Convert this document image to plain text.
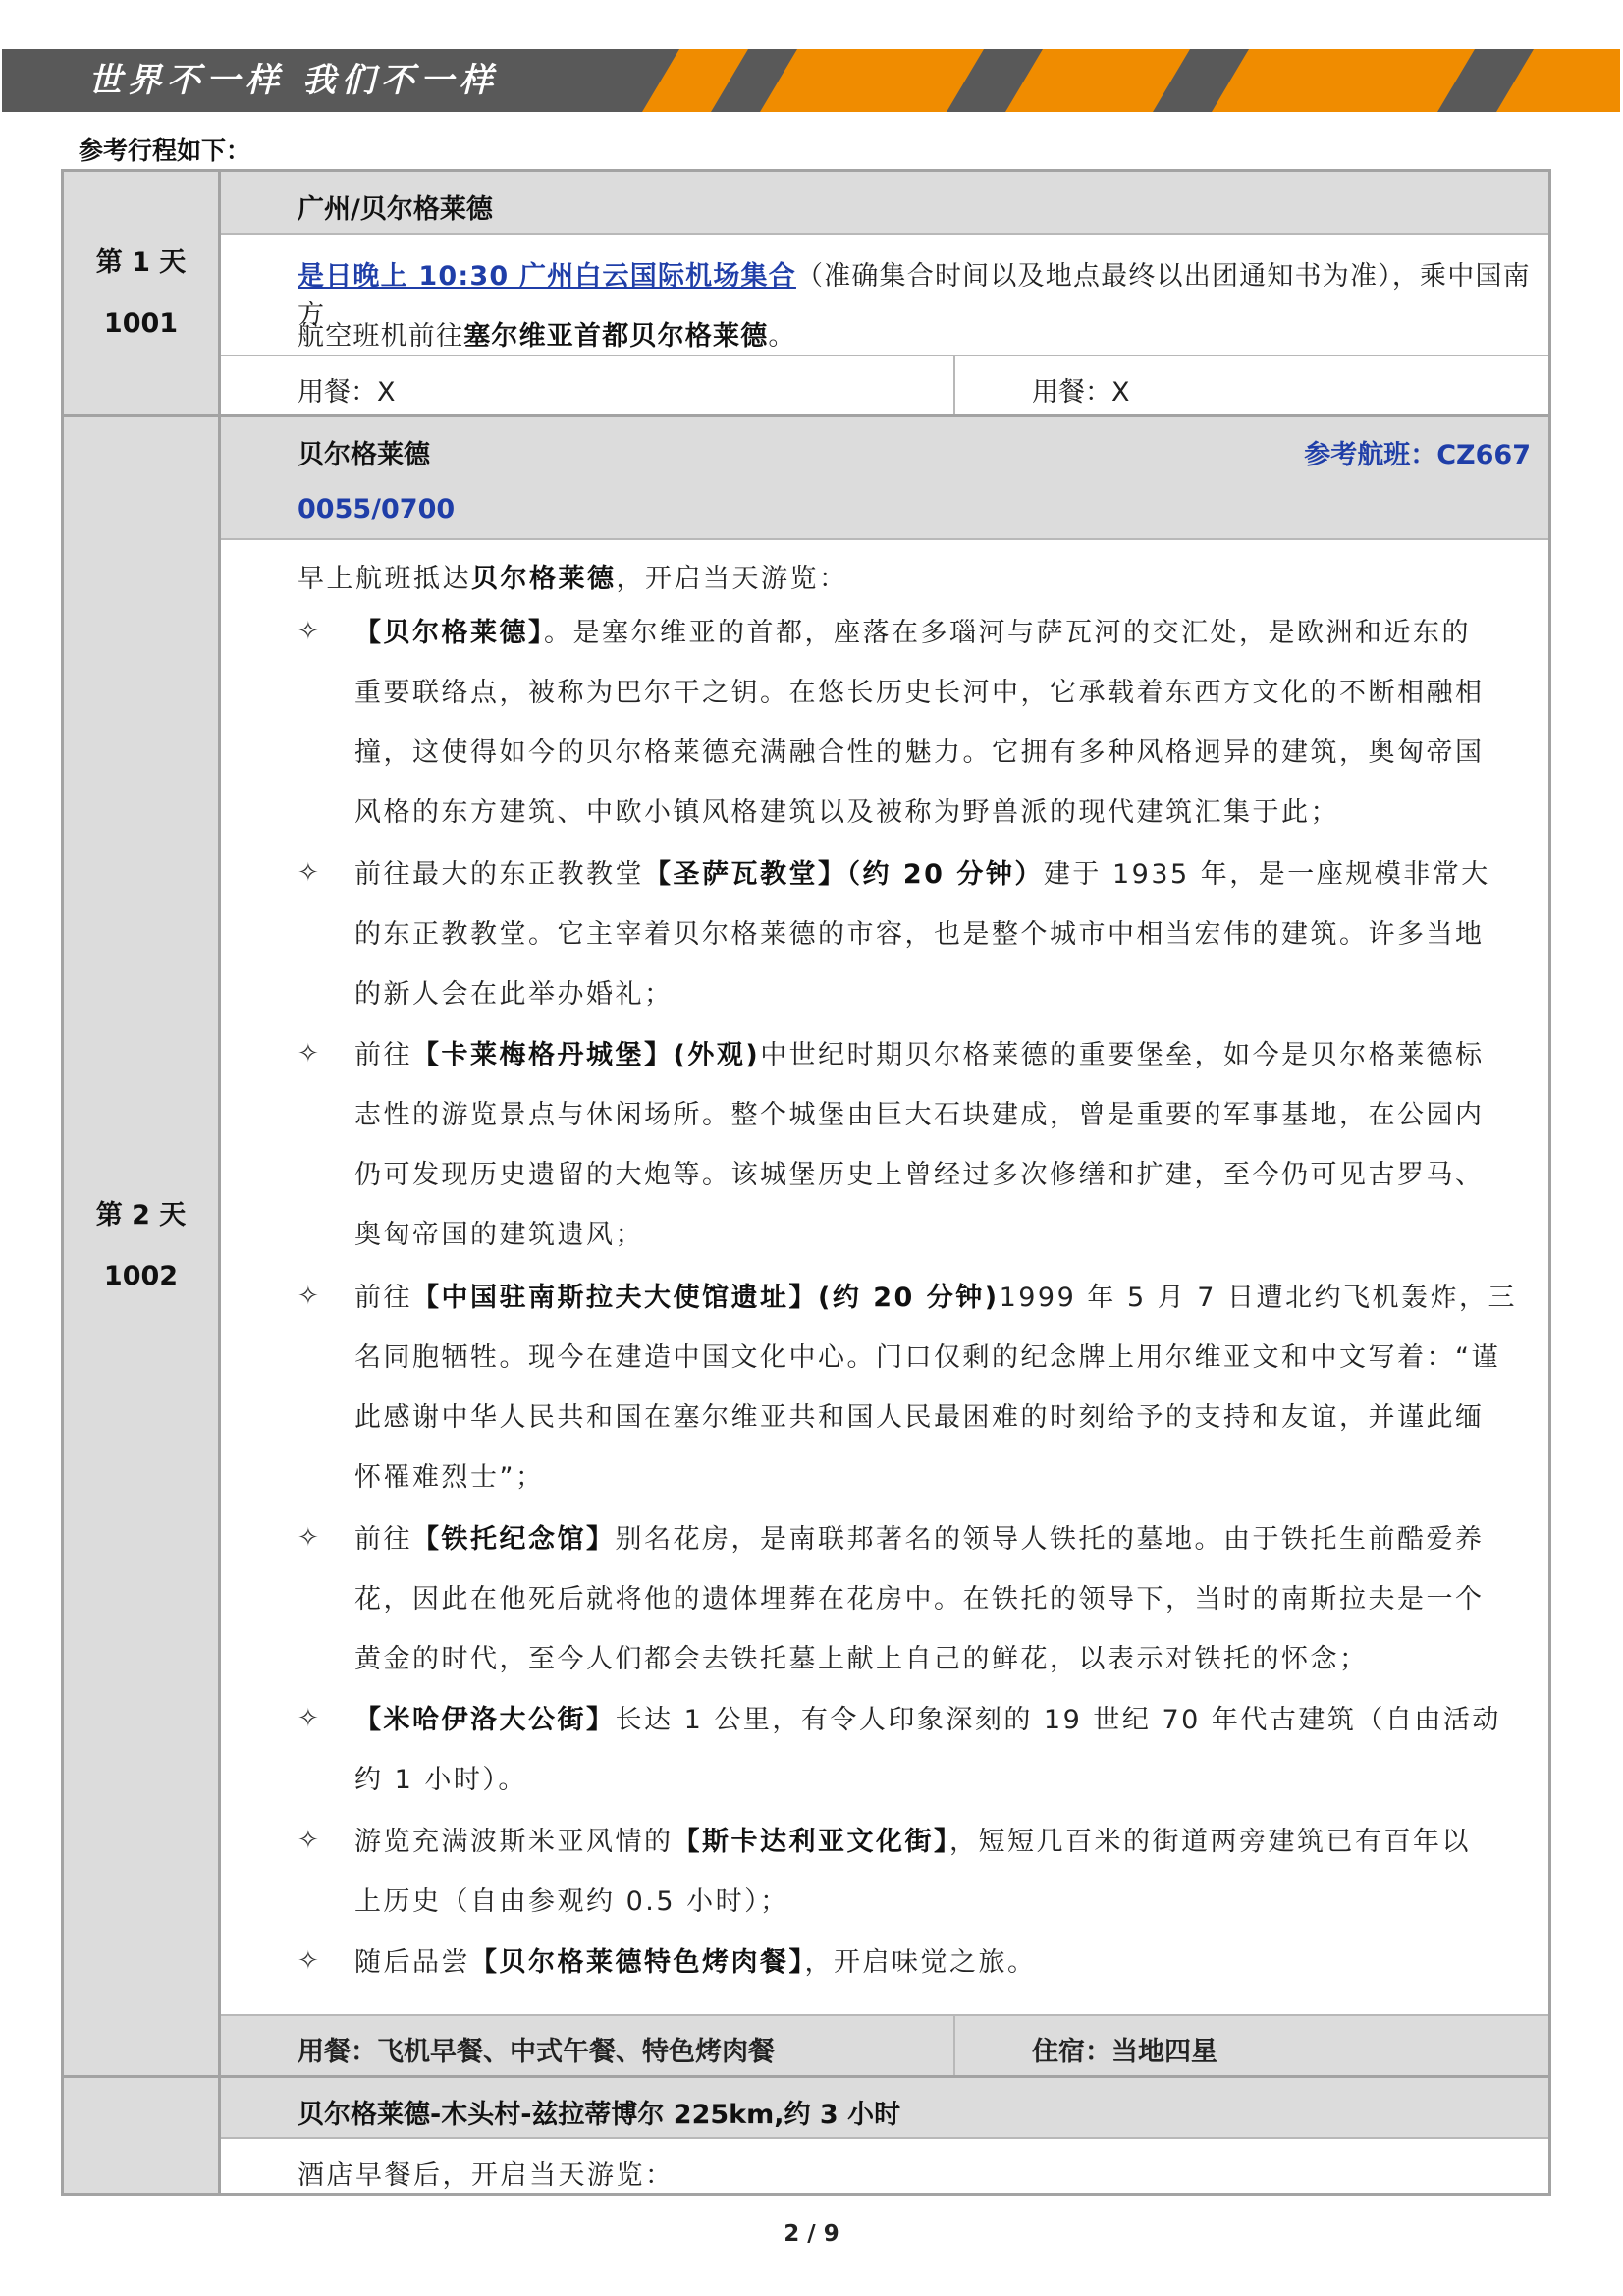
世界不一样 我们不一样
参考行程如下：
第 1 天
1001
广州/贝尔格莱德
是日晚上 10:30 广州白云国际机场集合（准确集合时间以及地点最终以出团通知书为准），乘中国南方
航空班机前往塞尔维亚首都贝尔格莱德。
用餐：X	用餐：X
第 2 天
1002
贝尔格莱德	参考航班：CZ667
0055/0700
早上航班抵达贝尔格莱德，开启当天游览：
✧ 【贝尔格莱德】。是塞尔维亚的首都，座落在多瑙河与萨瓦河的交汇处，是欧洲和近东的
重要联络点，被称为巴尔干之钥。在悠长历史长河中，它承载着东西方文化的不断相融相
撞，这使得如今的贝尔格莱德充满融合性的魅力。它拥有多种风格迥异的建筑，奥匈帝国
风格的东方建筑、中欧小镇风格建筑以及被称为野兽派的现代建筑汇集于此；
✧ 前往最大的东正教教堂【圣萨瓦教堂】（约 20 分钟）建于 1935 年，是一座规模非常大
的东正教教堂。它主宰着贝尔格莱德的市容，也是整个城市中相当宏伟的建筑。许多当地
的新人会在此举办婚礼；
✧ 前往【卡莱梅格丹城堡】(外观)中世纪时期贝尔格莱德的重要堡垒，如今是贝尔格莱德标
志性的游览景点与休闲场所。整个城堡由巨大石块建成，曾是重要的军事基地，在公园内
仍可发现历史遗留的大炮等。该城堡历史上曾经过多次修缮和扩建，至今仍可见古罗马、
奥匈帝国的建筑遗风；
✧ 前往【中国驻南斯拉夫大使馆遗址】(约 20 分钟)1999 年 5 月 7 日遭北约飞机轰炸，三
名同胞牺牲。现今在建造中国文化中心。门口仅剩的纪念牌上用尔维亚文和中文写着：“谨
此感谢中华人民共和国在塞尔维亚共和国人民最困难的时刻给予的支持和友谊，并谨此缅
怀罹难烈士”；
✧ 前往【铁托纪念馆】别名花房，是南联邦著名的领导人铁托的墓地。由于铁托生前酷爱养
花，因此在他死后就将他的遗体埋葬在花房中。在铁托的领导下，当时的南斯拉夫是一个
黄金的时代，至今人们都会去铁托墓上献上自己的鲜花，以表示对铁托的怀念；
✧ 【米哈伊洛大公街】长达 1 公里，有令人印象深刻的 19 世纪 70 年代古建筑（自由活动
约 1 小时）。
✧ 游览充满波斯米亚风情的【斯卡达利亚文化街】，短短几百米的街道两旁建筑已有百年以
上历史（自由参观约 0.5 小时）；
✧ 随后品尝【贝尔格莱德特色烤肉餐】，开启味觉之旅。
用餐：飞机早餐、中式午餐、特色烤肉餐	住宿：当地四星
贝尔格莱德-木头村-兹拉蒂博尔 225km,约 3 小时
酒店早餐后，开启当天游览：
2 / 9
